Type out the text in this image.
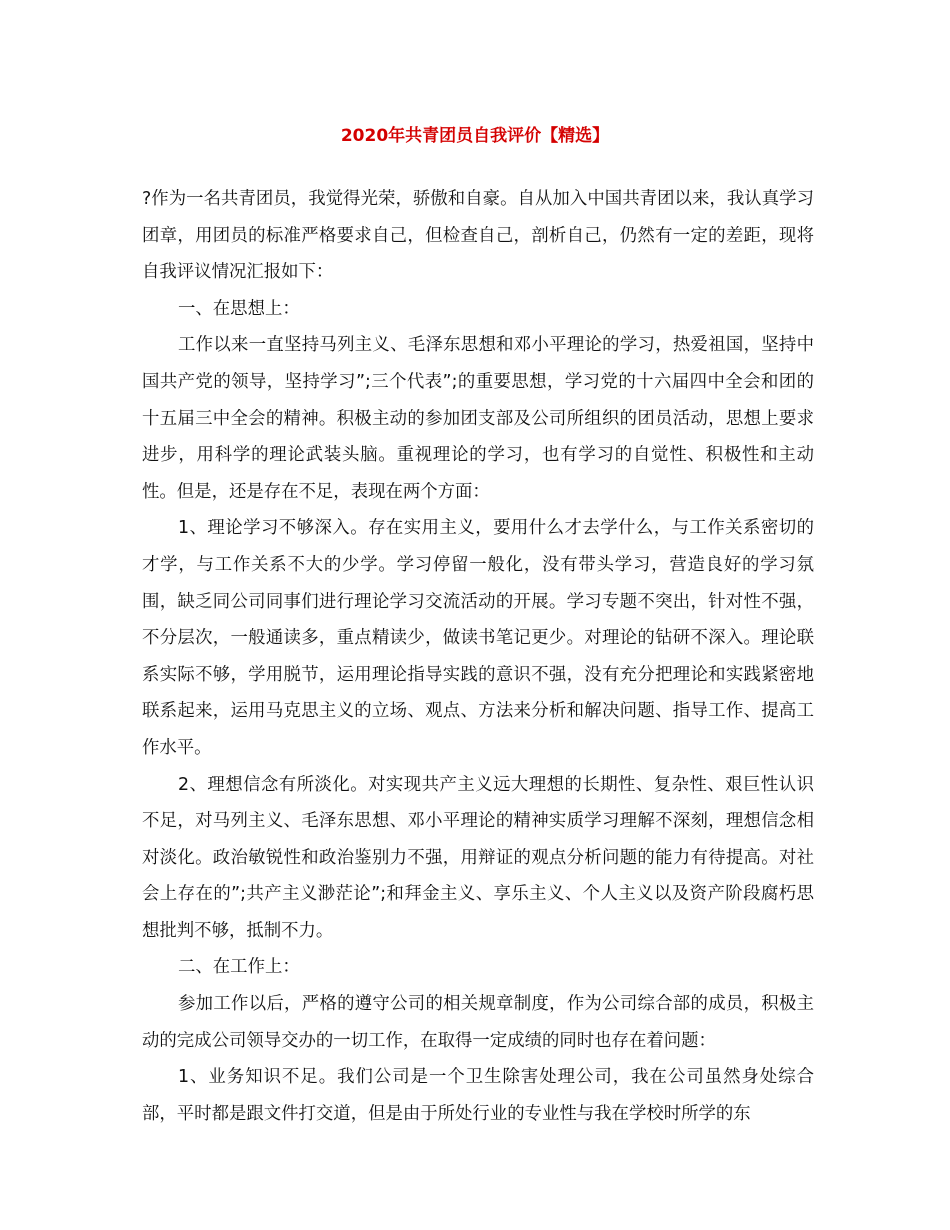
2020年共青团员自我评价【精选】

?作为一名共青团员，我觉得光荣，骄傲和自豪。自从加入中国共青团以来，我认真学习团章，用团员的标准严格要求自己，但检查自己，剖析自己，仍然有一定的差距，现将自我评议情况汇报如下：

一、在思想上：

工作以来一直坚持马列主义、毛泽东思想和邓小平理论的学习，热爱祖国，坚持中国共产党的领导，坚持学习”;三个代表”;的重要思想，学习党的十六届四中全会和团的十五届三中全会的精神。积极主动的参加团支部及公司所组织的团员活动，思想上要求进步，用科学的理论武装头脑。重视理论的学习，也有学习的自觉性、积极性和主动性。但是，还是存在不足，表现在两个方面：

1、理论学习不够深入。存在实用主义，要用什么才去学什么，与工作关系密切的才学，与工作关系不大的少学。学习停留一般化，没有带头学习，营造良好的学习氛围，缺乏同公司同事们进行理论学习交流活动的开展。学习专题不突出，针对性不强，不分层次，一般通读多，重点精读少，做读书笔记更少。对理论的钻研不深入。理论联系实际不够，学用脱节，运用理论指导实践的意识不强，没有充分把理论和实践紧密地联系起来，运用马克思主义的立场、观点、方法来分析和解决问题、指导工作、提高工作水平。

2、理想信念有所淡化。对实现共产主义远大理想的长期性、复杂性、艰巨性认识不足，对马列主义、毛泽东思想、邓小平理论的精神实质学习理解不深刻，理想信念相对淡化。政治敏锐性和政治鉴别力不强，用辩证的观点分析问题的能力有待提高。对社会上存在的”;共产主义渺茫论”;和拜金主义、享乐主义、个人主义以及资产阶段腐朽思想批判不够，抵制不力。

二、在工作上：

参加工作以后，严格的遵守公司的相关规章制度，作为公司综合部的成员，积极主动的完成公司领导交办的一切工作，在取得一定成绩的同时也存在着问题：

1、业务知识不足。我们公司是一个卫生除害处理公司，我在公司虽然身处综合部，平时都是跟文件打交道，但是由于所处行业的专业性与我在学校时所学的东
